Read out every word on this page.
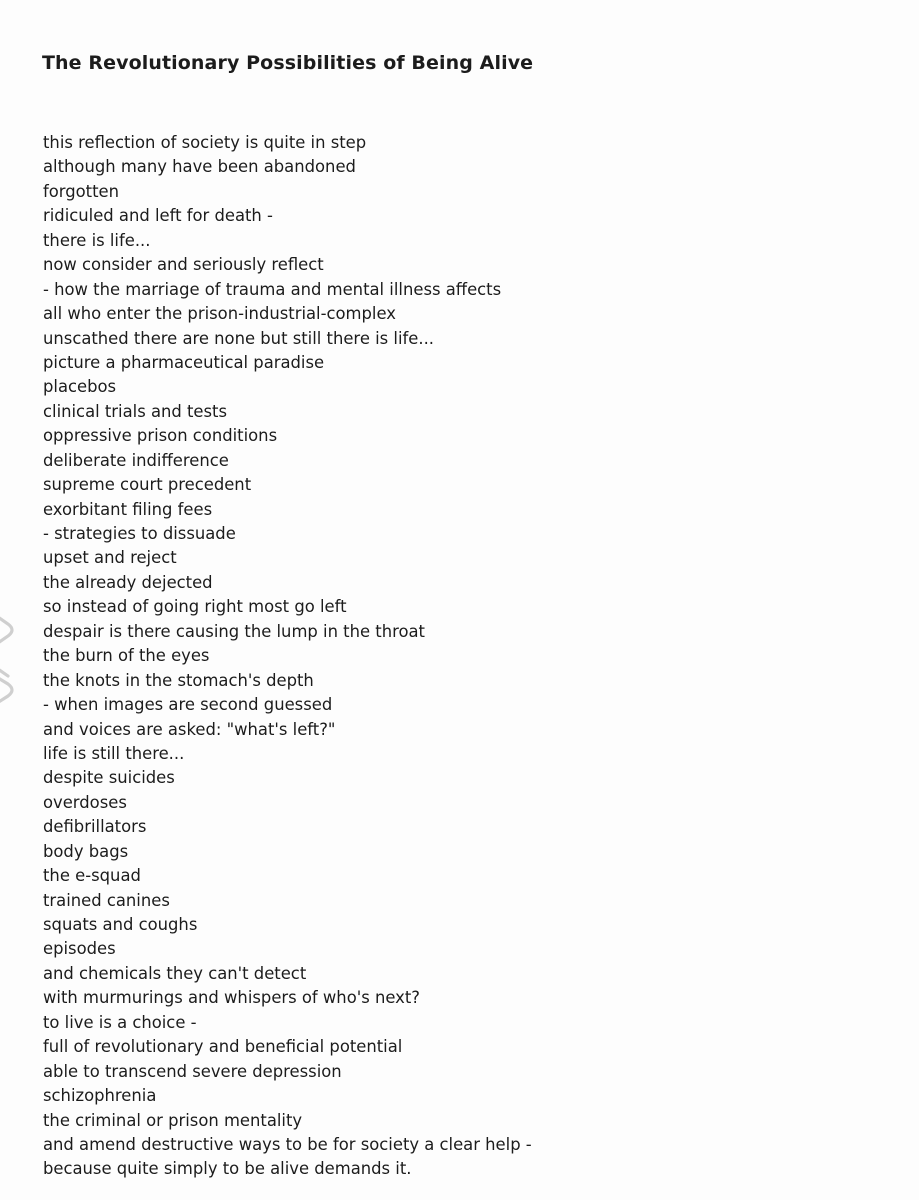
The Revolutionary Possibilities of Being Alive
this reflection of society is quite in step
although many have been abandoned
forgotten
ridiculed and left for death -
there is life...
now consider and seriously reflect
- how the marriage of trauma and mental illness affects
all who enter the prison-industrial-complex
unscathed there are none but still there is life...
picture a pharmaceutical paradise
placebos
clinical trials and tests
oppressive prison conditions
deliberate indifference
supreme court precedent
exorbitant filing fees
- strategies to dissuade
upset and reject
the already dejected
so instead of going right most go left
despair is there causing the lump in the throat
the burn of the eyes
the knots in the stomach's depth
- when images are second guessed
and voices are asked: "what's left?"
life is still there...
despite suicides
overdoses
defibrillators
body bags
the e-squad
trained canines
squats and coughs
episodes
and chemicals they can't detect
with murmurings and whispers of who's next?
to live is a choice -
full of revolutionary and beneficial potential
able to transcend severe depression
schizophrenia
the criminal or prison mentality
and amend destructive ways to be for society a clear help -
because quite simply to be alive demands it.
